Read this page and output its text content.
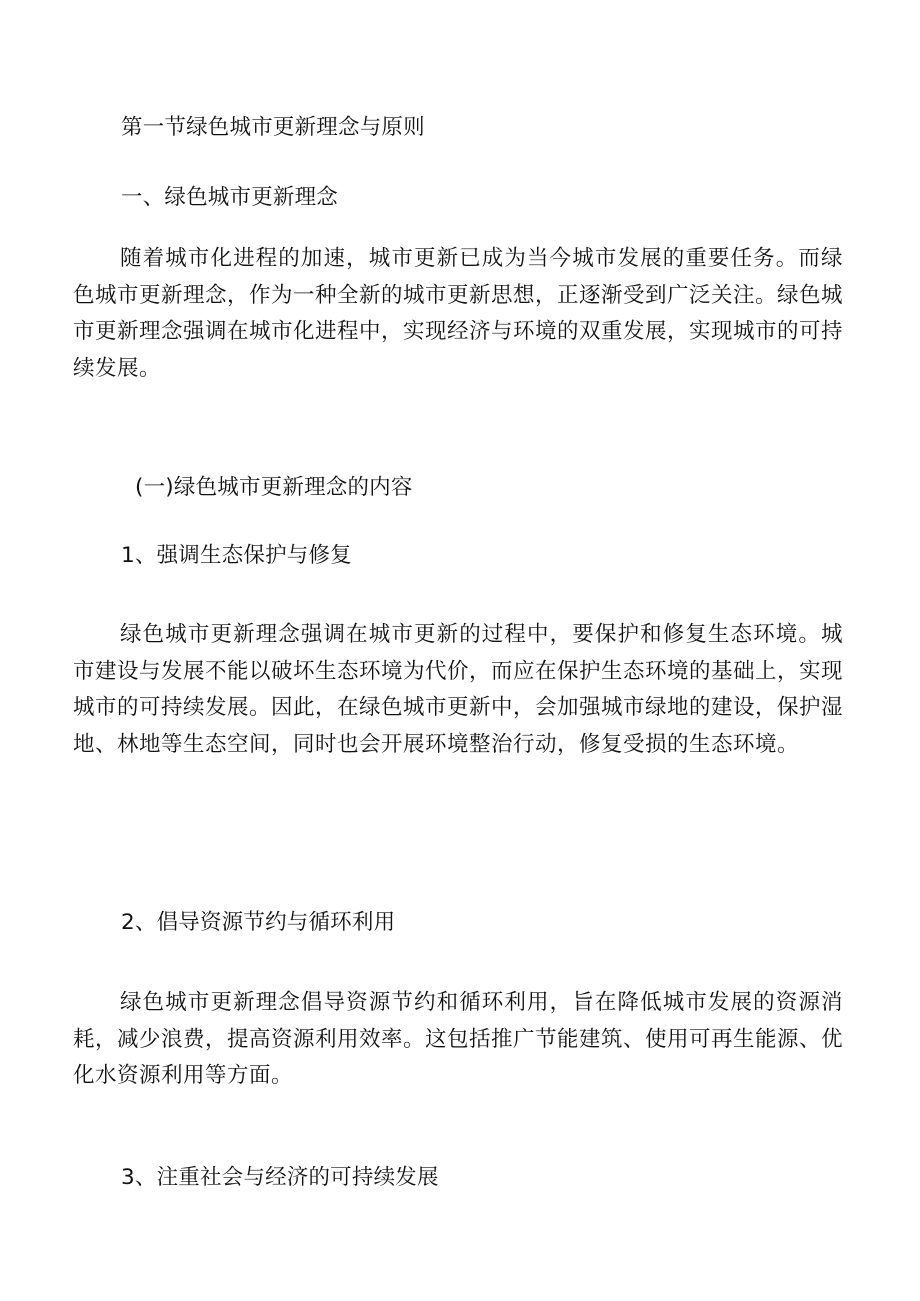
第一节绿色城市更新理念与原则
一、绿色城市更新理念
随着城市化进程的加速，城市更新已成为当今城市发展的重要任务。而绿色城市更新理念，作为一种全新的城市更新思想，正逐渐受到广泛关注。绿色城市更新理念强调在城市化进程中，实现经济与环境的双重发展，实现城市的可持续发展。
(一)绿色城市更新理念的内容
1、强调生态保护与修复
绿色城市更新理念强调在城市更新的过程中，要保护和修复生态环境。城市建设与发展不能以破坏生态环境为代价，而应在保护生态环境的基础上，实现城市的可持续发展。因此，在绿色城市更新中，会加强城市绿地的建设，保护湿地、林地等生态空间，同时也会开展环境整治行动，修复受损的生态环境。
2、倡导资源节约与循环利用
绿色城市更新理念倡导资源节约和循环利用，旨在降低城市发展的资源消耗，减少浪费，提高资源利用效率。这包括推广节能建筑、使用可再生能源、优化水资源利用等方面。
3、注重社会与经济的可持续发展
